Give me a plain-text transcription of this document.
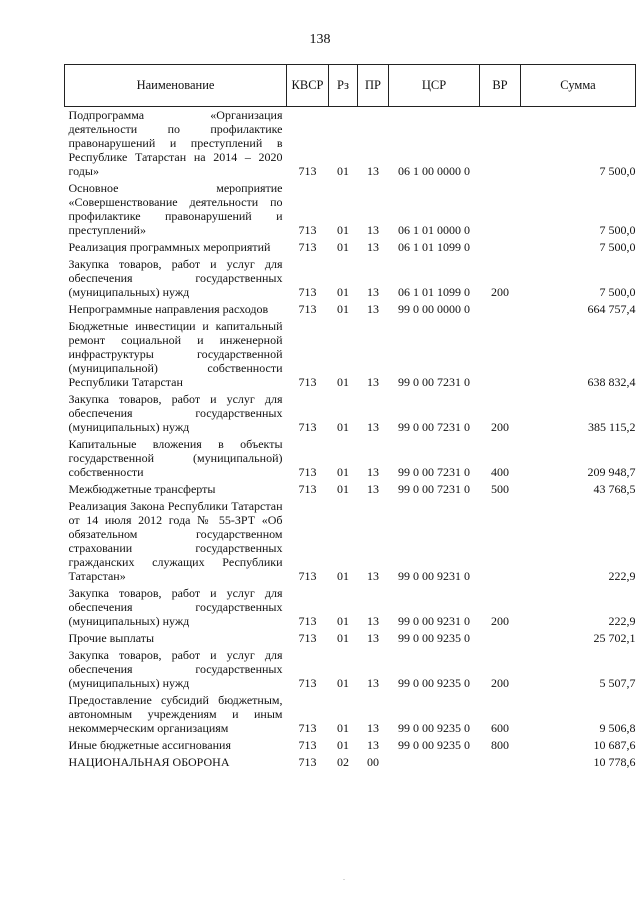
138
Наименование	КВСР	Рз	ПР	ЦСР	ВР	Сумма
Подпрограмма «Организация деятельности по профилактике правонарушений и преступлений в Республике Татарстан на 2014 – 2020 годы»	713	01	13	06 1 00 0000 0		7 500,0
Основное мероприятие «Совершенствование деятельности по профилактике правонарушений и преступлений»	713	01	13	06 1 01 0000 0		7 500,0
Реализация программных мероприятий	713	01	13	06 1 01 1099 0		7 500,0
Закупка товаров, работ и услуг для обеспечения государственных (муниципальных) нужд	713	01	13	06 1 01 1099 0	200	7 500,0
Непрограммные направления расходов	713	01	13	99 0 00 0000 0		664 757,4
Бюджетные инвестиции и капитальный ремонт социальной и инженерной инфраструктуры государственной (муниципальной) собственности Республики Татарстан	713	01	13	99 0 00 7231 0		638 832,4
Закупка товаров, работ и услуг для обеспечения государственных (муниципальных) нужд	713	01	13	99 0 00 7231 0	200	385 115,2
Капитальные вложения в объекты государственной (муниципальной) собственности	713	01	13	99 0 00 7231 0	400	209 948,7
Межбюджетные трансферты	713	01	13	99 0 00 7231 0	500	43 768,5
Реализация Закона Республики Татарстан от 14 июля 2012 года № 55-ЗРТ «Об обязательном государственном страховании государственных гражданских служащих Республики Татарстан»	713	01	13	99 0 00 9231 0		222,9
Закупка товаров, работ и услуг для обеспечения государственных (муниципальных) нужд	713	01	13	99 0 00 9231 0	200	222,9
Прочие выплаты	713	01	13	99 0 00 9235 0		25 702,1
Закупка товаров, работ и услуг для обеспечения государственных (муниципальных) нужд	713	01	13	99 0 00 9235 0	200	5 507,7
Предоставление субсидий бюджетным, автономным учреждениям и иным некоммерческим организациям	713	01	13	99 0 00 9235 0	600	9 506,8
Иные бюджетные ассигнования	713	01	13	99 0 00 9235 0	800	10 687,6
НАЦИОНАЛЬНАЯ ОБОРОНА	713	02	00			10 778,6
.
